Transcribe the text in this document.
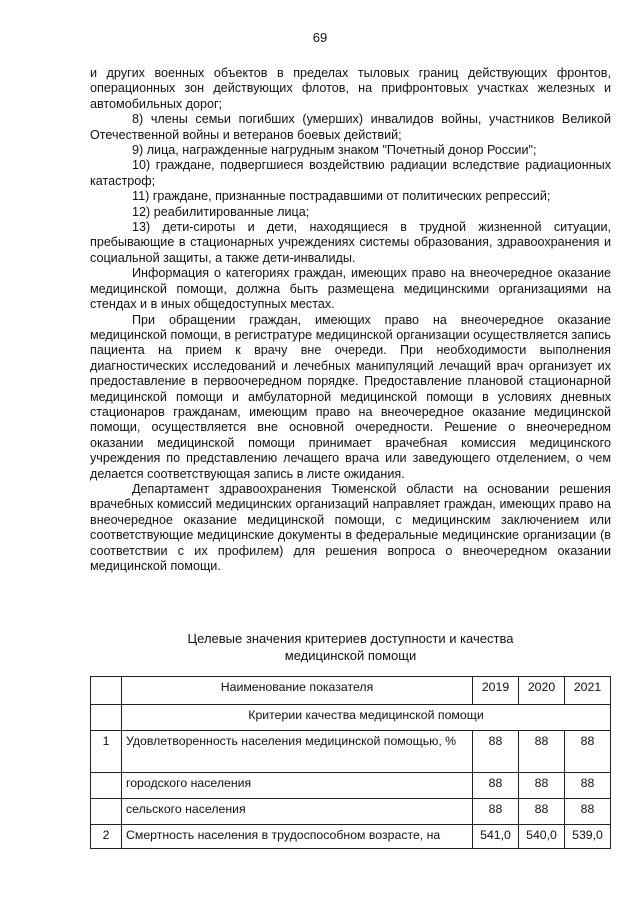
69

и других военных объектов в пределах тыловых границ действующих фронтов, операционных зон действующих флотов, на прифронтовых участках железных и автомобильных дорог;

8) члены семьи погибших (умерших) инвалидов войны, участников Великой Отечественной войны и ветеранов боевых действий;

9) лица, награжденные нагрудным знаком "Почетный донор России";

10) граждане, подвергшиеся воздействию радиации вследствие радиационных катастроф;

11) граждане, признанные пострадавшими от политических репрессий;

12) реабилитированные лица;

13) дети-сироты и дети, находящиеся в трудной жизненной ситуации, пребывающие в стационарных учреждениях системы образования, здравоохранения и социальной защиты, а также дети-инвалиды.

Информация о категориях граждан, имеющих право на внеочередное оказание медицинской помощи, должна быть размещена медицинскими организациями на стендах и в иных общедоступных местах.

При обращении граждан, имеющих право на внеочередное оказание медицинской помощи, в регистратуре медицинской организации осуществляется запись пациента на прием к врачу вне очереди. При необходимости выполнения диагностических исследований и лечебных манипуляций лечащий врач организует их предоставление в первоочередном порядке. Предоставление плановой стационарной медицинской помощи и амбулаторной медицинской помощи в условиях дневных стационаров гражданам, имеющим право на внеочередное оказание медицинской помощи, осуществляется вне основной очередности. Решение о внеочередном оказании медицинской помощи принимает врачебная комиссия медицинского учреждения по представлению лечащего врача или заведующего отделением, о чем делается соответствующая запись в листе ожидания.

Департамент здравоохранения Тюменской области на основании решения врачебных комиссий медицинских организаций направляет граждан, имеющих право на внеочередное оказание медицинской помощи, с медицинским заключением или соответствующие медицинские документы в федеральные медицинские организации (в соответствии с их профилем) для решения вопроса о внеочередном оказании медицинской помощи.

Целевые значения критериев доступности и качества
медицинской помощи
	Наименование показателя	2019	2020	2021
	Критерии качества медицинской помощи			
1	Удовлетворенность населения медицинской помощью, %	88	88	88
	городского населения	88	88	88
	сельского населения	88	88	88
2	Смертность населения в трудоспособном возрасте, на	541,0	540,0	539,0
